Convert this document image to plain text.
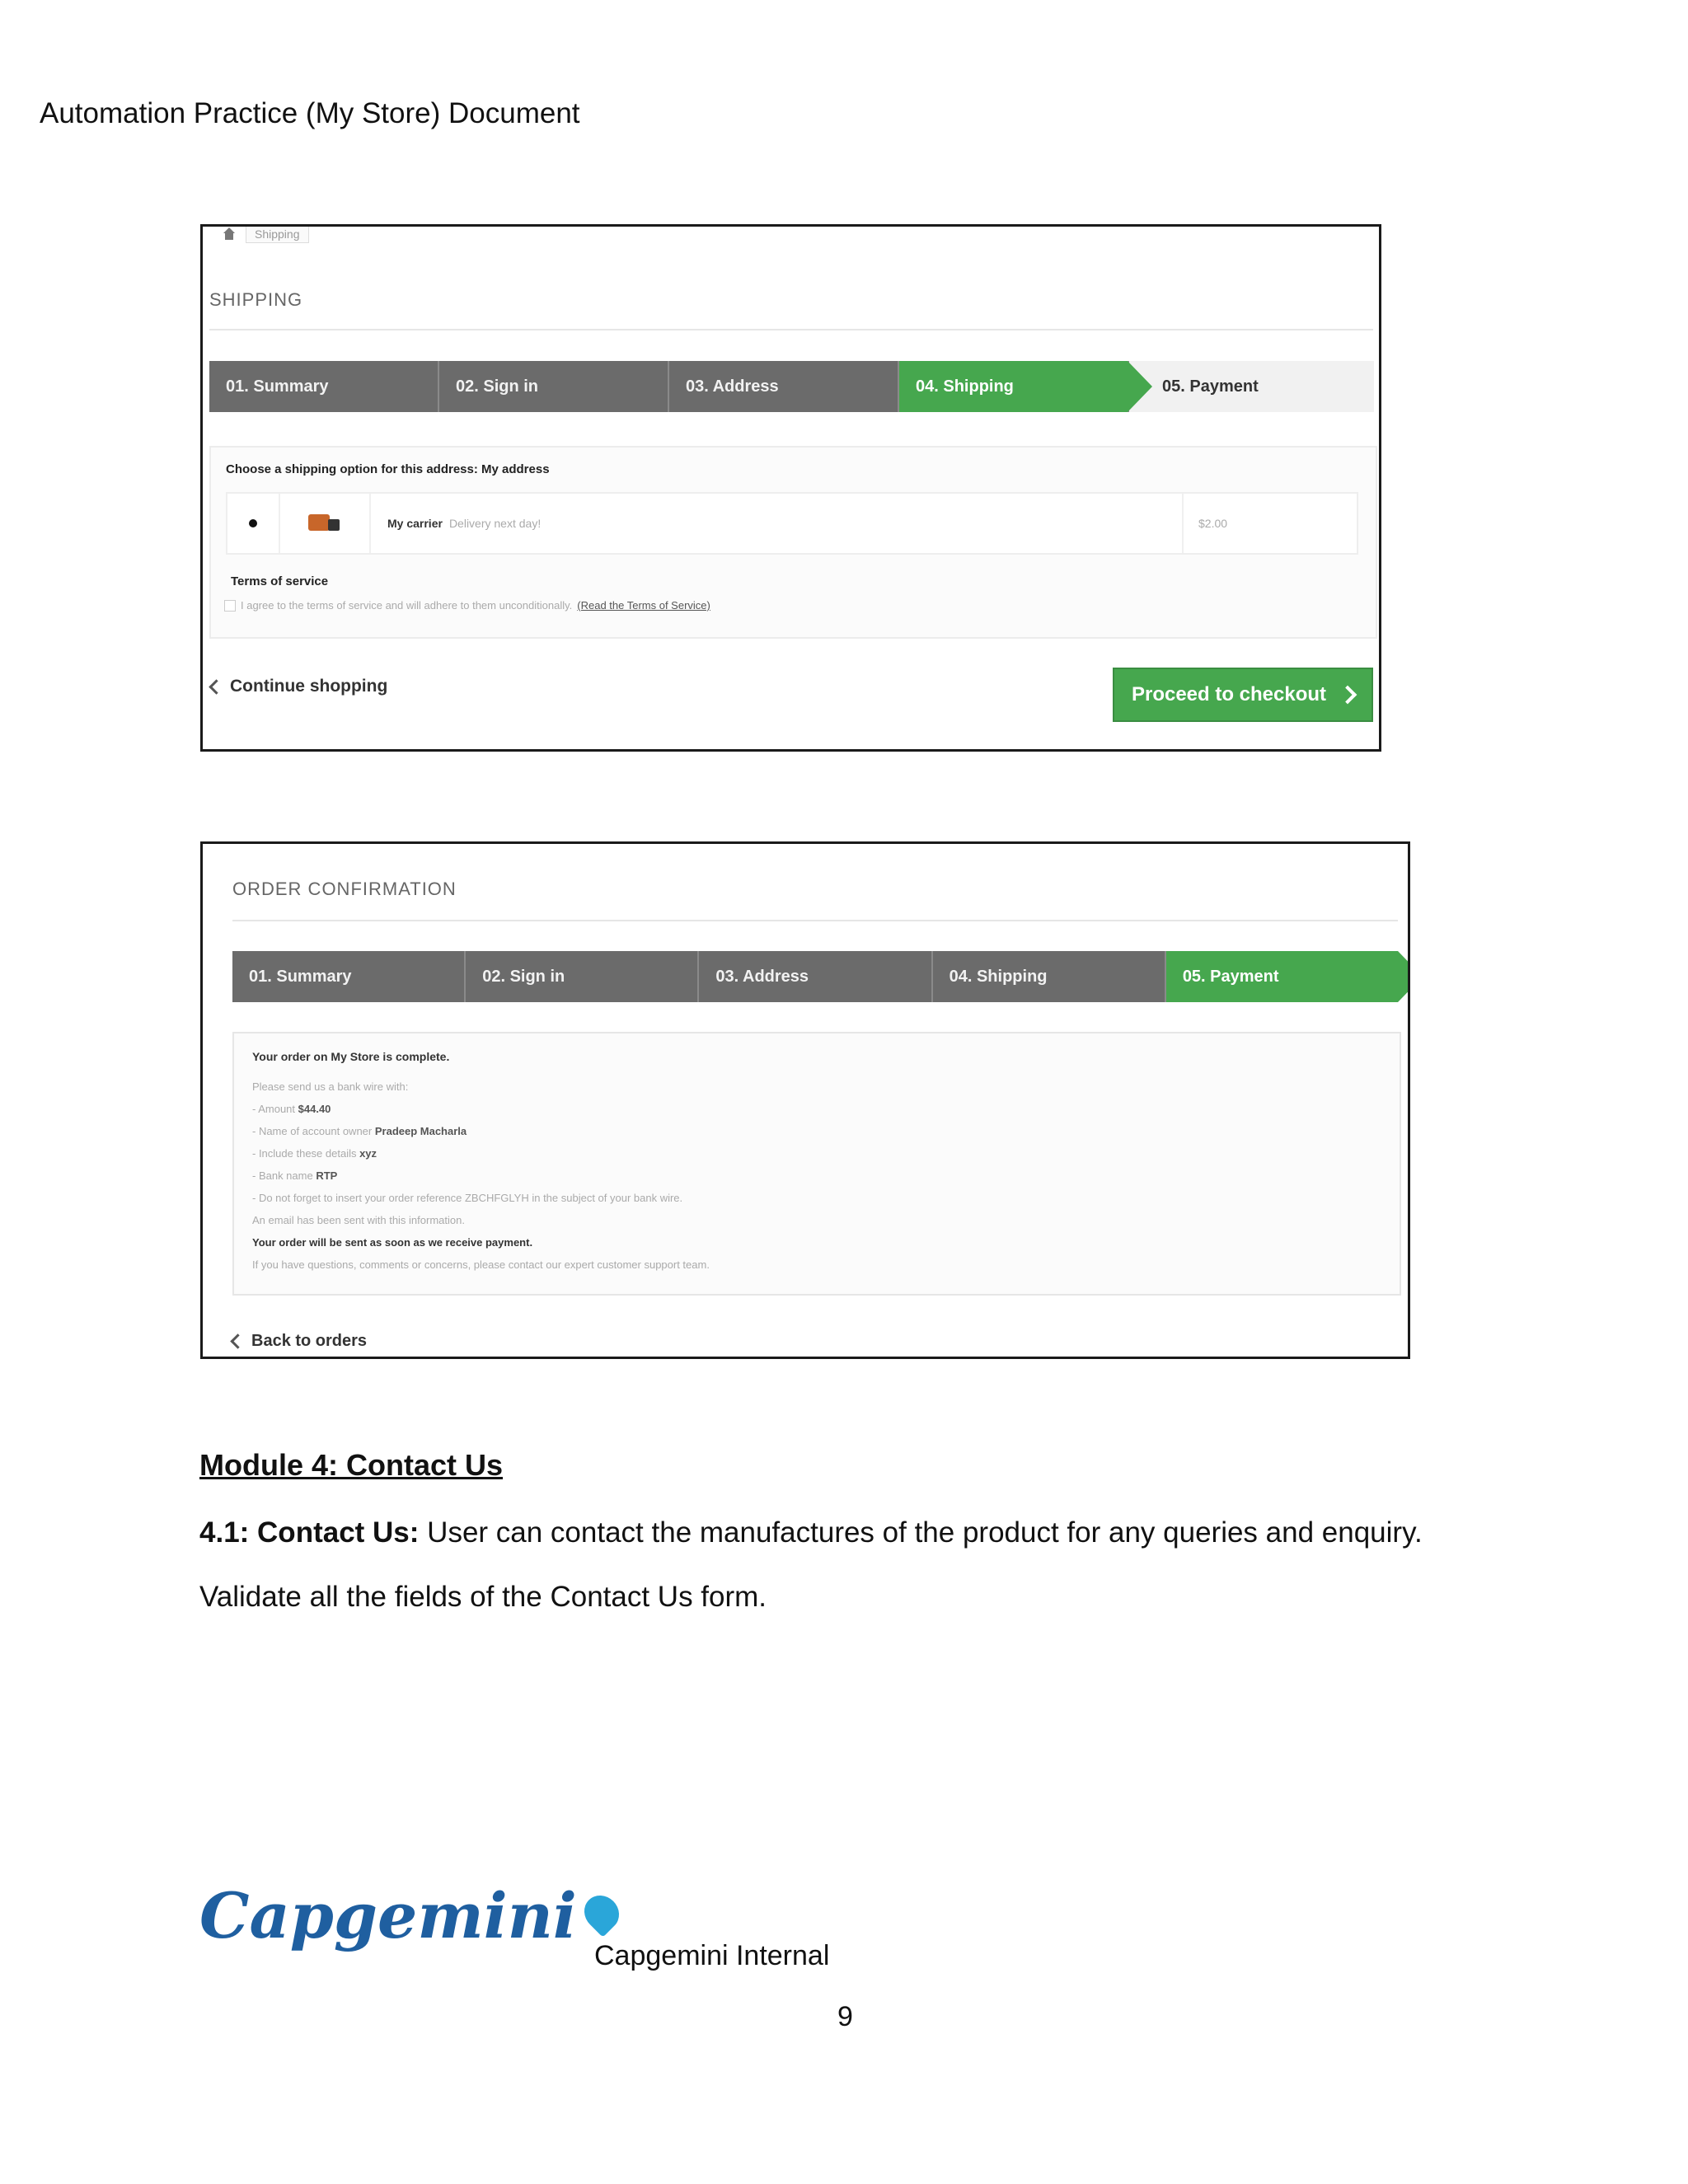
Automation Practice (My Store) Document
Shipping
SHIPPING
01. Summary	02. Sign in	03. Address	04. Shipping	05. Payment
Choose a shipping option for this address: My address
My carrier Delivery next day!	$2.00
Terms of service
I agree to the terms of service and will adhere to them unconditionally. (Read the Terms of Service)
Continue shopping	Proceed to checkout
ORDER CONFIRMATION
01. Summary	02. Sign in	03. Address	04. Shipping	05. Payment
Your order on My Store is complete.
Please send us a bank wire with:
- Amount $44.40
- Name of account owner Pradeep Macharla
- Include these details xyz
- Bank name RTP
- Do not forget to insert your order reference ZBCHFGLYH in the subject of your bank wire.
An email has been sent with this information.
Your order will be sent as soon as we receive payment.
If you have questions, comments or concerns, please contact our expert customer support team.
Back to orders
Module 4: Contact Us
4.1: Contact Us: User can contact the manufactures of the product for any queries and enquiry.
Validate all the fields of the Contact Us form.
Capgemini
Capgemini Internal
9
